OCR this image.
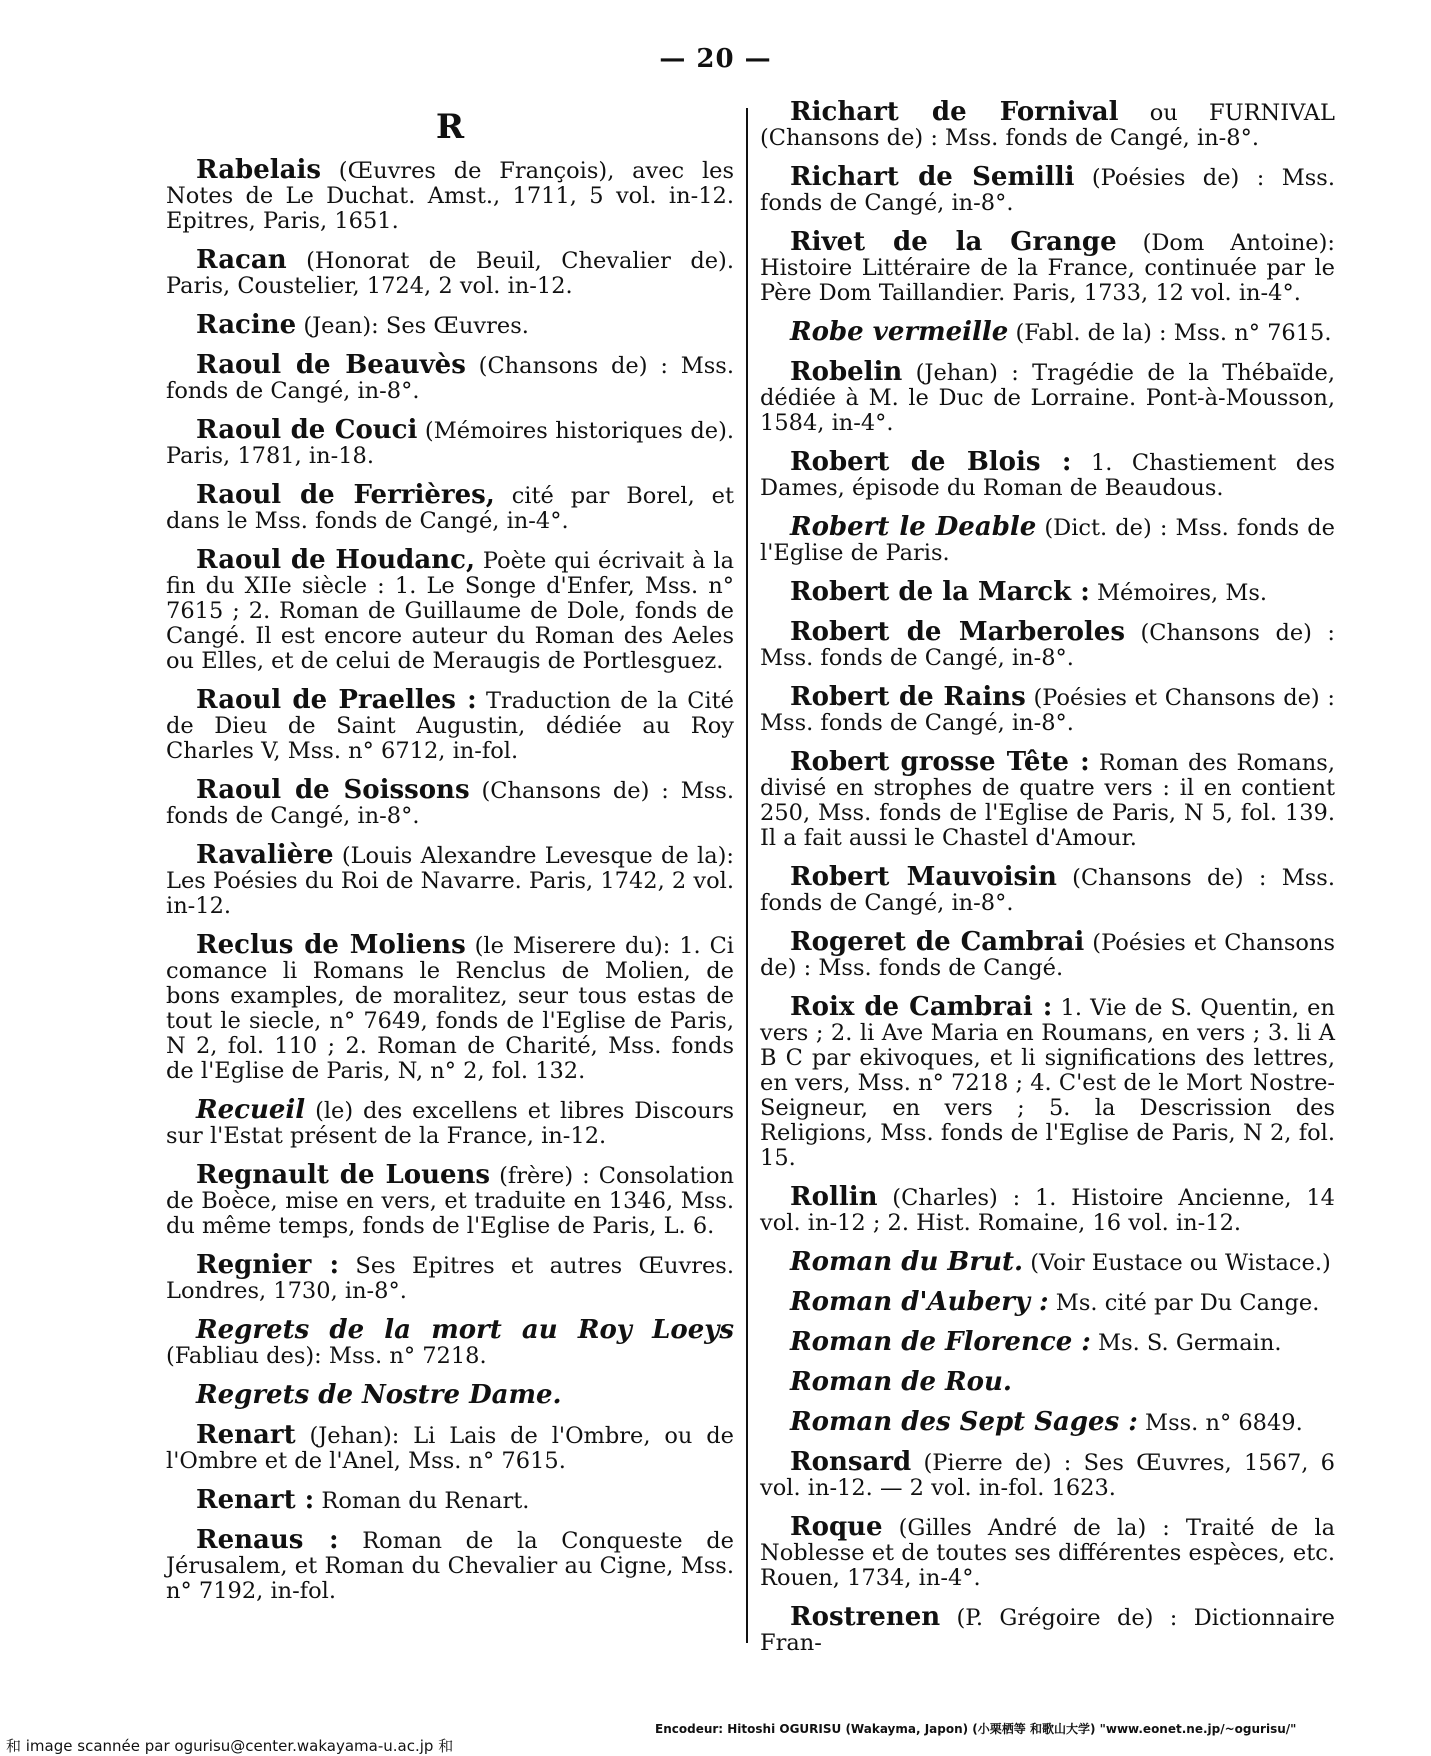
— 20 —
R

Rabelais (Œuvres de François), avec les Notes de Le Duchat. Amst., 1711, 5 vol. in-12. Epitres, Paris, 1651.

Racan (Honorat de Beuil, Chevalier de). Paris, Coustelier, 1724, 2 vol. in-12.

Racine (Jean): Ses Œuvres.

Raoul de Beauvès (Chansons de) : Mss. fonds de Cangé, in-8°.

Raoul de Couci (Mémoires historiques de). Paris, 1781, in-18.

Raoul de Ferrières, cité par Borel, et dans le Mss. fonds de Cangé, in-4°.

Raoul de Houdanc, Poète qui écrivait à la fin du XIIe siècle : 1. Le Songe d'Enfer, Mss. n° 7615 ; 2. Roman de Guillaume de Dole, fonds de Cangé. Il est encore auteur du Roman des Aeles ou Elles, et de celui de Meraugis de Portlesguez.

Raoul de Praelles : Traduction de la Cité de Dieu de Saint Augustin, dédiée au Roy Charles V, Mss. n° 6712, in-fol.

Raoul de Soissons (Chansons de) : Mss. fonds de Cangé, in-8°.

Ravalière (Louis Alexandre Levesque de la): Les Poésies du Roi de Navarre. Paris, 1742, 2 vol. in-12.

Reclus de Moliens (le Miserere du): 1. Ci comance li Romans le Renclus de Molien, de bons examples, de moralitez, seur tous estas de tout le siecle, n° 7649, fonds de l'Eglise de Paris, N 2, fol. 110 ; 2. Roman de Charité, Mss. fonds de l'Eglise de Paris, N, n° 2, fol. 132.

Recueil (le) des excellens et libres Discours sur l'Estat présent de la France, in-12.

Regnault de Louens (frère) : Consolation de Boèce, mise en vers, et traduite en 1346, Mss. du même temps, fonds de l'Eglise de Paris, L. 6.

Regnier : Ses Epitres et autres Œuvres. Londres, 1730, in-8°.

Regrets de la mort au Roy Loeys (Fabliau des): Mss. n° 7218.

Regrets de Nostre Dame.

Renart (Jehan): Li Lais de l'Ombre, ou de l'Ombre et de l'Anel, Mss. n° 7615.

Renart : Roman du Renart.

Renaus : Roman de la Conqueste de Jérusalem, et Roman du Chevalier au Cigne, Mss. n° 7192, in-fol.

Richart de Fornival ou FURNIVAL (Chansons de) : Mss. fonds de Cangé, in-8°.

Richart de Semilli (Poésies de) : Mss. fonds de Cangé, in-8°.

Rivet de la Grange (Dom Antoine): Histoire Littéraire de la France, continuée par le Père Dom Taillandier. Paris, 1733, 12 vol. in-4°.

Robe vermeille (Fabl. de la) : Mss. n° 7615.

Robelin (Jehan) : Tragédie de la Thébaïde, dédiée à M. le Duc de Lorraine. Pont-à-Mousson, 1584, in-4°.

Robert de Blois : 1. Chastiement des Dames, épisode du Roman de Beaudous.

Robert le Deable (Dict. de) : Mss. fonds de l'Eglise de Paris.

Robert de la Marck : Mémoires, Ms.

Robert de Marberoles (Chansons de) : Mss. fonds de Cangé, in-8°.

Robert de Rains (Poésies et Chansons de) : Mss. fonds de Cangé, in-8°.

Robert grosse Tête : Roman des Romans, divisé en strophes de quatre vers : il en contient 250, Mss. fonds de l'Eglise de Paris, N 5, fol. 139. Il a fait aussi le Chastel d'Amour.

Robert Mauvoisin (Chansons de) : Mss. fonds de Cangé, in-8°.

Rogeret de Cambrai (Poésies et Chansons de) : Mss. fonds de Cangé.

Roix de Cambrai : 1. Vie de S. Quentin, en vers ; 2. li Ave Maria en Roumans, en vers ; 3. li A B C par ekivoques, et li significations des lettres, en vers, Mss. n° 7218 ; 4. C'est de le Mort Nostre-Seigneur, en vers ; 5. la Descrission des Religions, Mss. fonds de l'Eglise de Paris, N 2, fol. 15.

Rollin (Charles) : 1. Histoire Ancienne, 14 vol. in-12 ; 2. Hist. Romaine, 16 vol. in-12.

Roman du Brut. (Voir Eustace ou Wistace.)

Roman d'Aubery : Ms. cité par Du Cange.

Roman de Florence : Ms. S. Germain.

Roman de Rou.

Roman des Sept Sages : Mss. n° 6849.

Ronsard (Pierre de) : Ses Œuvres, 1567, 6 vol. in-12. — 2 vol. in-fol. 1623.

Roque (Gilles André de la) : Traité de la Noblesse et de toutes ses différentes espèces, etc. Rouen, 1734, in-4°.

Rostrenen (P. Grégoire de) : Dictionnaire Fran-

Encodeur: Hitoshi OGURISU (Wakayma, Japon) (小栗栖等 和歌山大学) "www.eonet.ne.jp/~ogurisu/"
和 image scannée par ogurisu@center.wakayama-u.ac.jp 和
